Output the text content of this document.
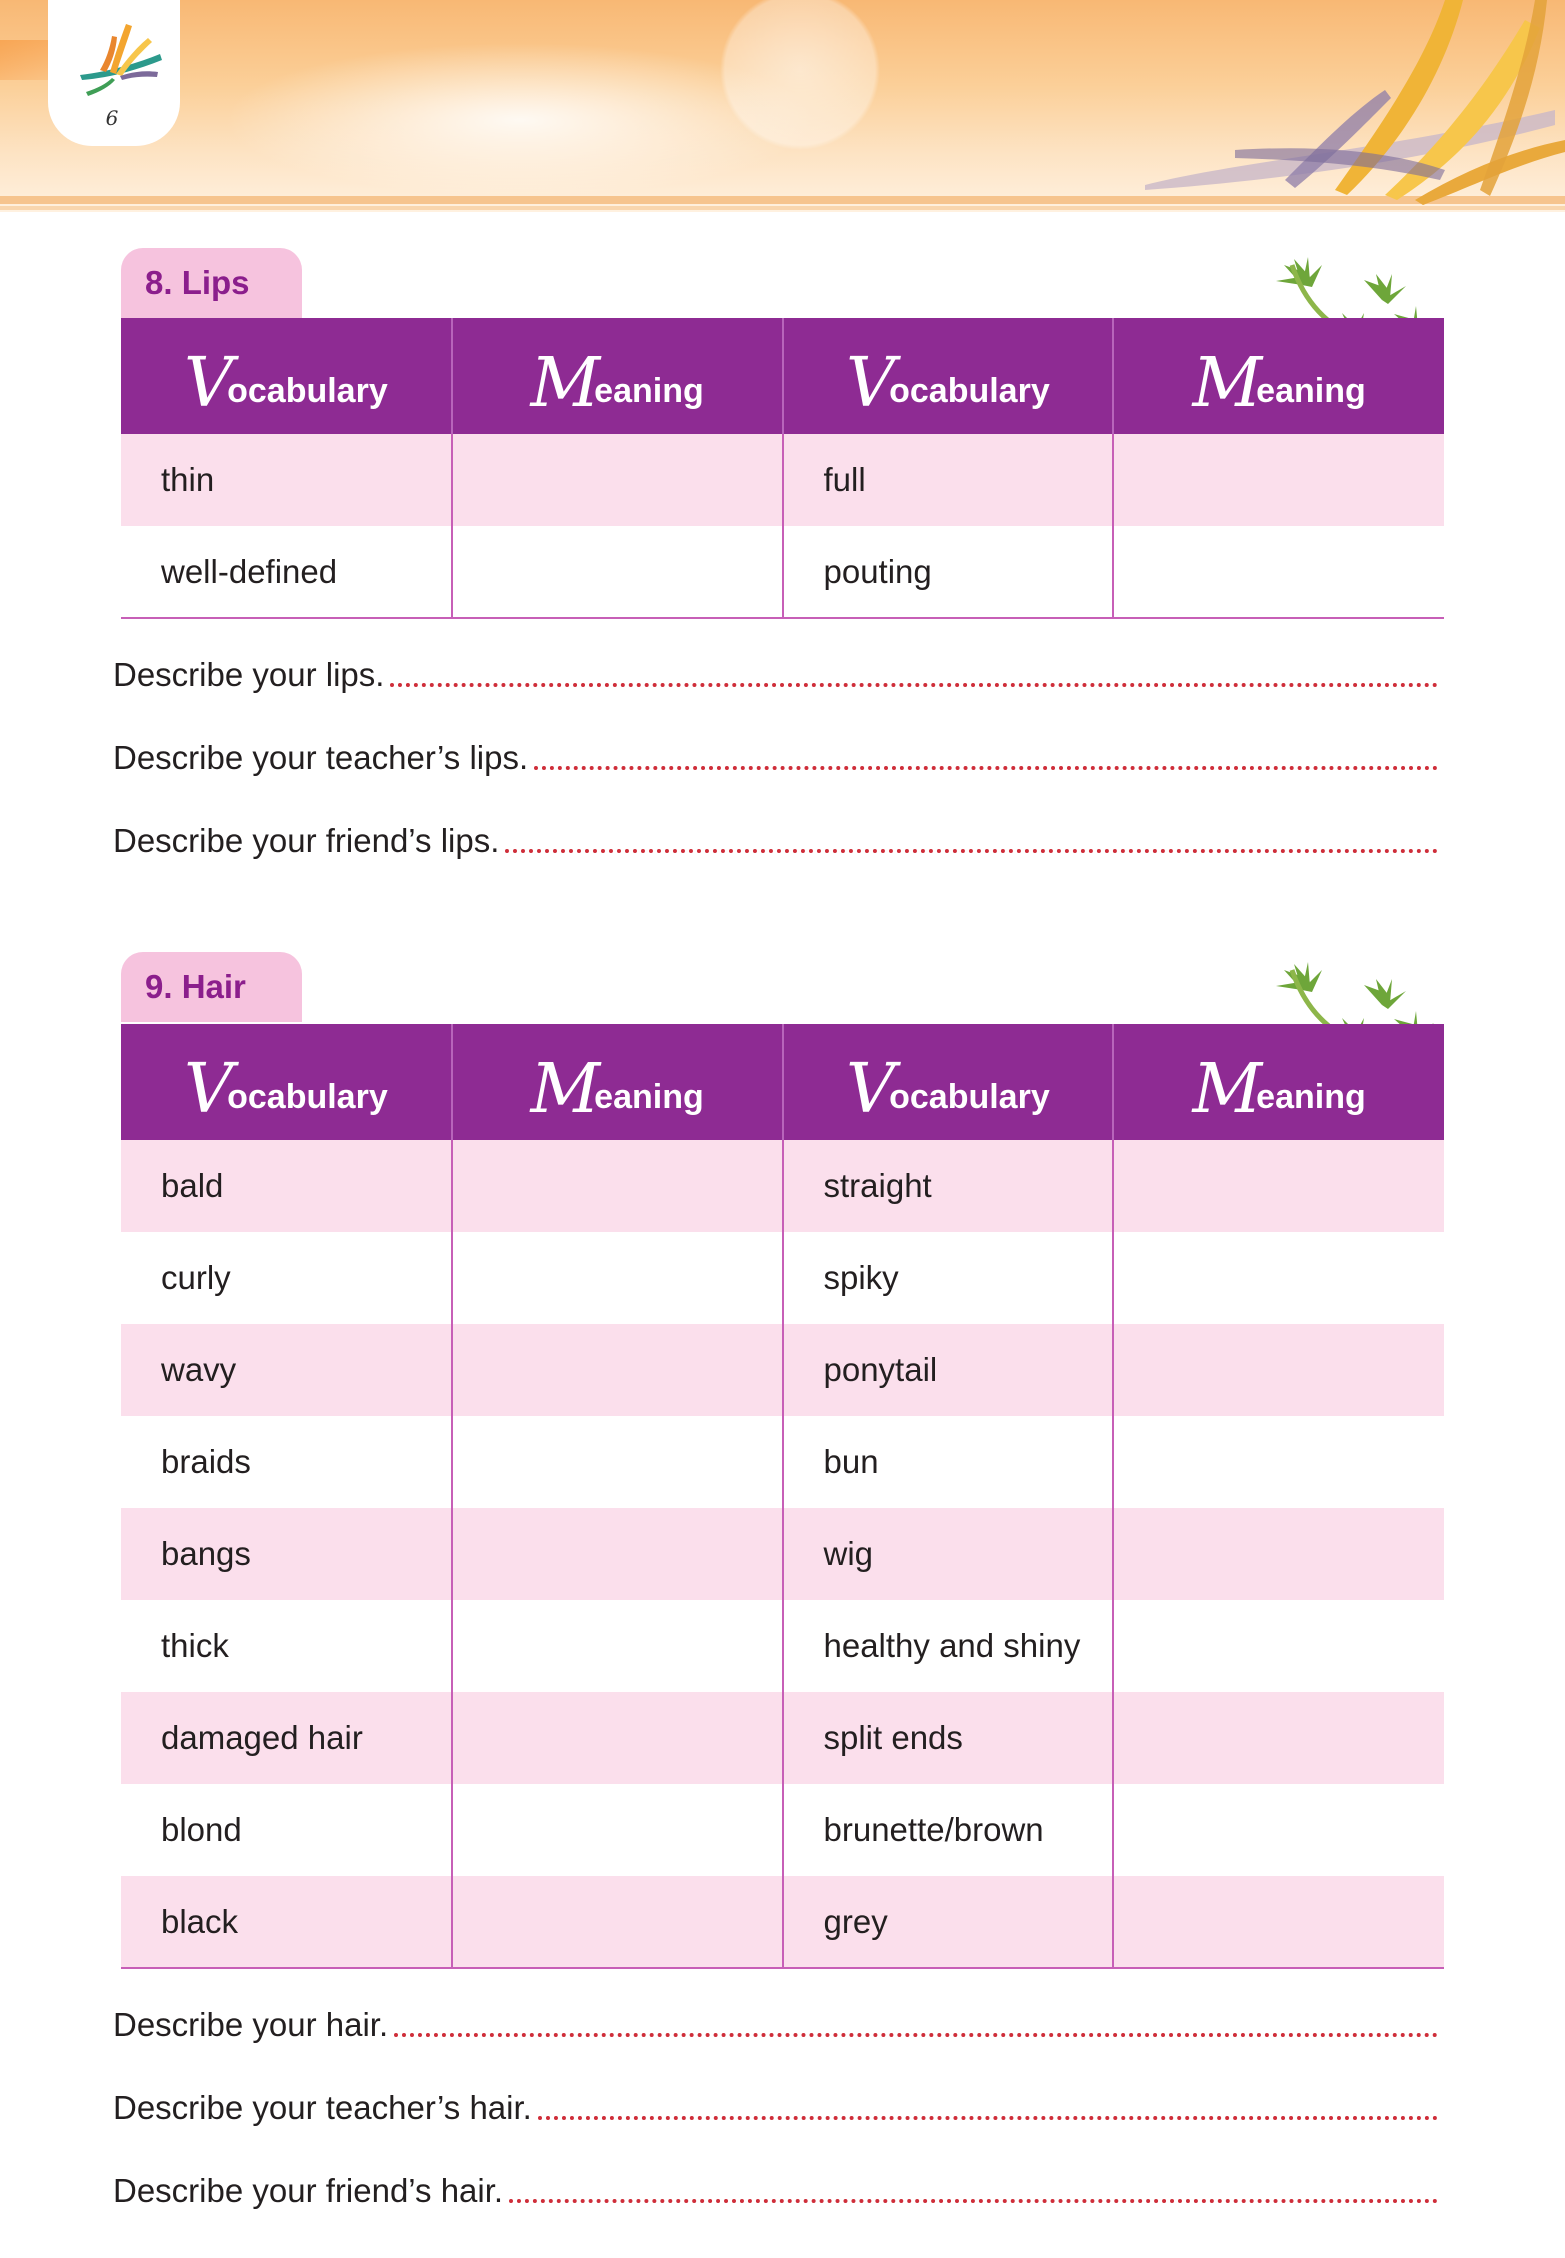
6
8. Lips
Vocabulary	Meaning	Vocabulary	Meaning
thin		full	
well-defined		pouting	
Describe your lips.
Describe your teacher’s lips.
Describe your friend’s lips.
9. Hair
Vocabulary	Meaning	Vocabulary	Meaning
bald		straight	
curly		spiky	
wavy		ponytail	
braids		bun	
bangs		wig	
thick		healthy and shiny	
damaged hair		split ends	
blond		brunette/brown	
black		grey	
Describe your hair.
Describe your teacher’s hair.
Describe your friend’s hair.
